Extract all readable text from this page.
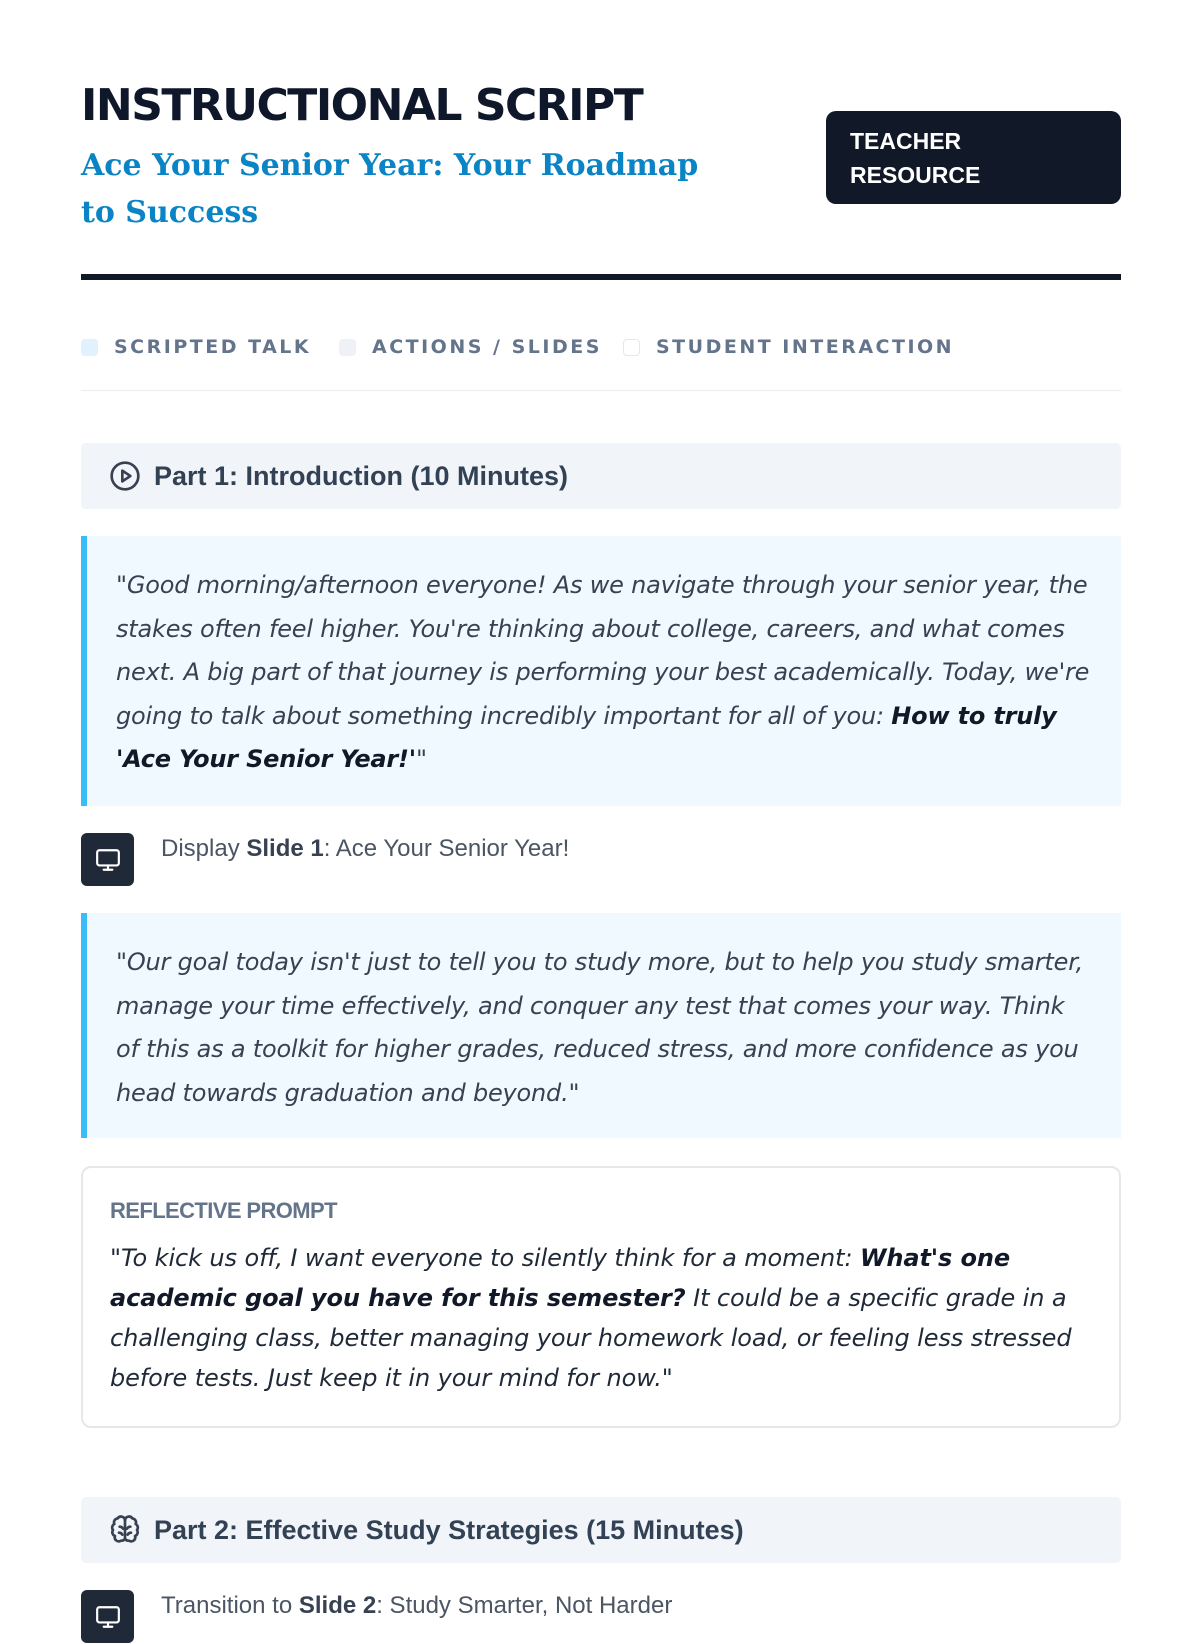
INSTRUCTIONAL SCRIPT
Ace Your Senior Year: Your Roadmap to Success
TEACHER
RESOURCE
SCRIPTED TALK	ACTIONS / SLIDES	STUDENT INTERACTION
Part 1: Introduction (10 Minutes)
"Good morning/afternoon everyone! As we navigate through your senior year, the stakes often feel higher. You're thinking about college, careers, and what comes next. A big part of that journey is performing your best academically. Today, we're going to talk about something incredibly important for all of you: How to truly 'Ace Your Senior Year!'"
Display Slide 1: Ace Your Senior Year!
"Our goal today isn't just to tell you to study more, but to help you study smarter, manage your time effectively, and conquer any test that comes your way. Think of this as a toolkit for higher grades, reduced stress, and more confidence as you head towards graduation and beyond."
REFLECTIVE PROMPT
"To kick us off, I want everyone to silently think for a moment: What's one academic goal you have for this semester? It could be a specific grade in a challenging class, better managing your homework load, or feeling less stressed before tests. Just keep it in your mind for now."
Part 2: Effective Study Strategies (15 Minutes)
Transition to Slide 2: Study Smarter, Not Harder
